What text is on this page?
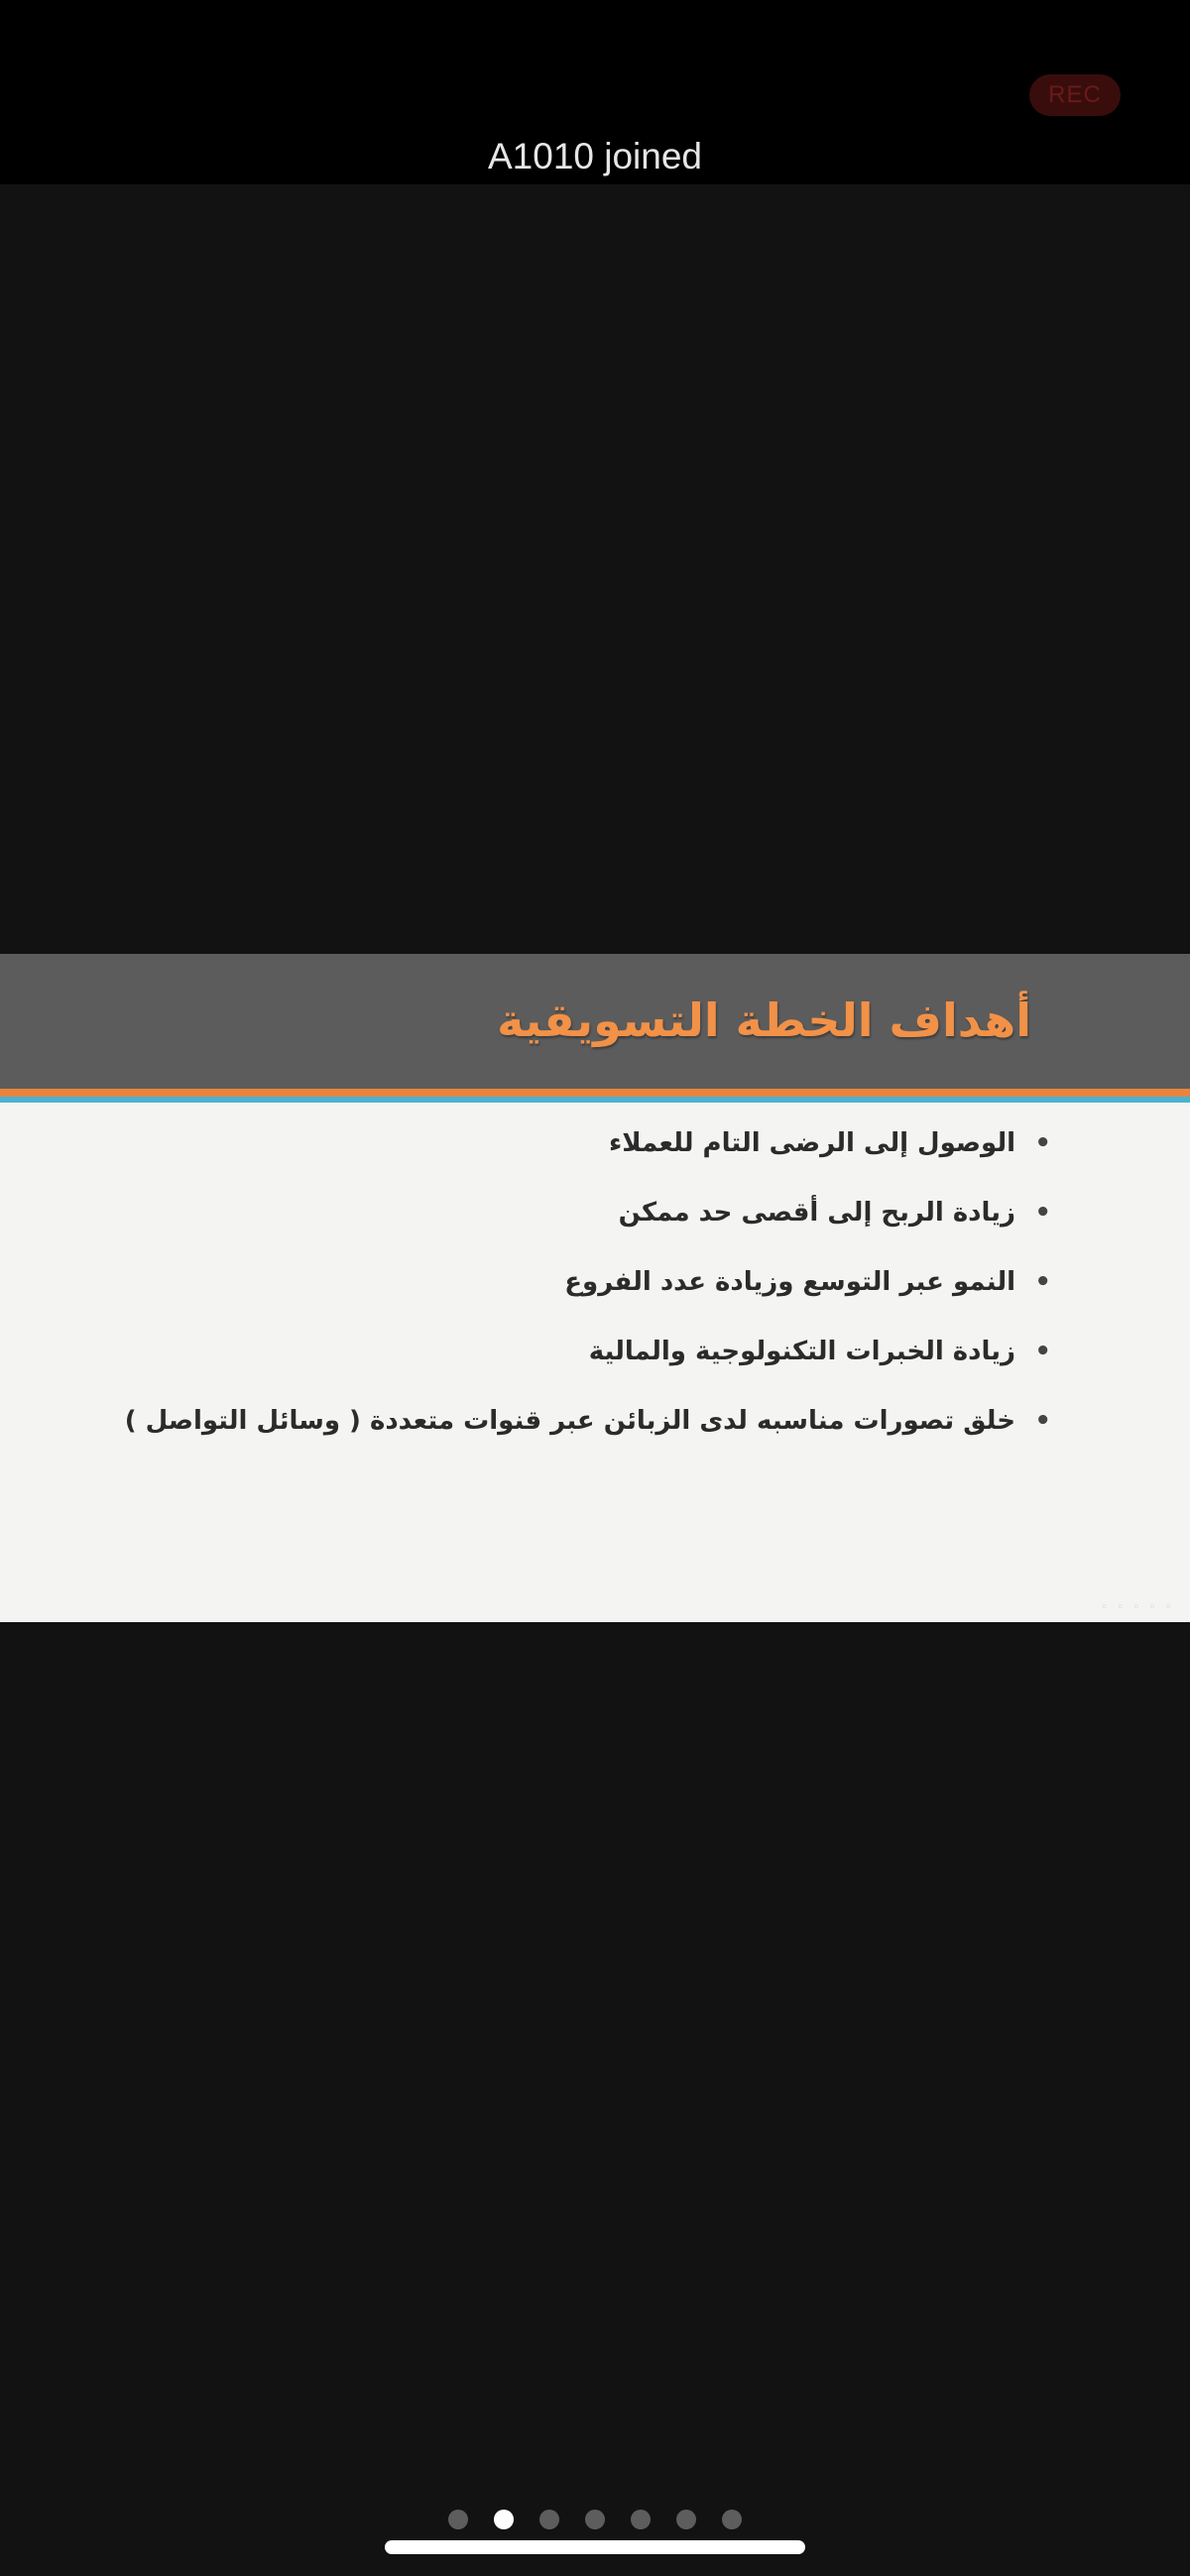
REC
A1010 joined
أهداف الخطة التسويقية
•
الوصول إلى الرضى التام للعملاء
•
زيادة الربح إلى أقصى حد ممكن
•
النمو عبر التوسع وزيادة عدد الفروع
•
زيادة الخبرات التكنولوجية والمالية
•
خلق تصورات مناسبه لدى الزبائن عبر قنوات متعددة ( وسائل التواصل )
◦ ◦ ◦ ◦ ◦
